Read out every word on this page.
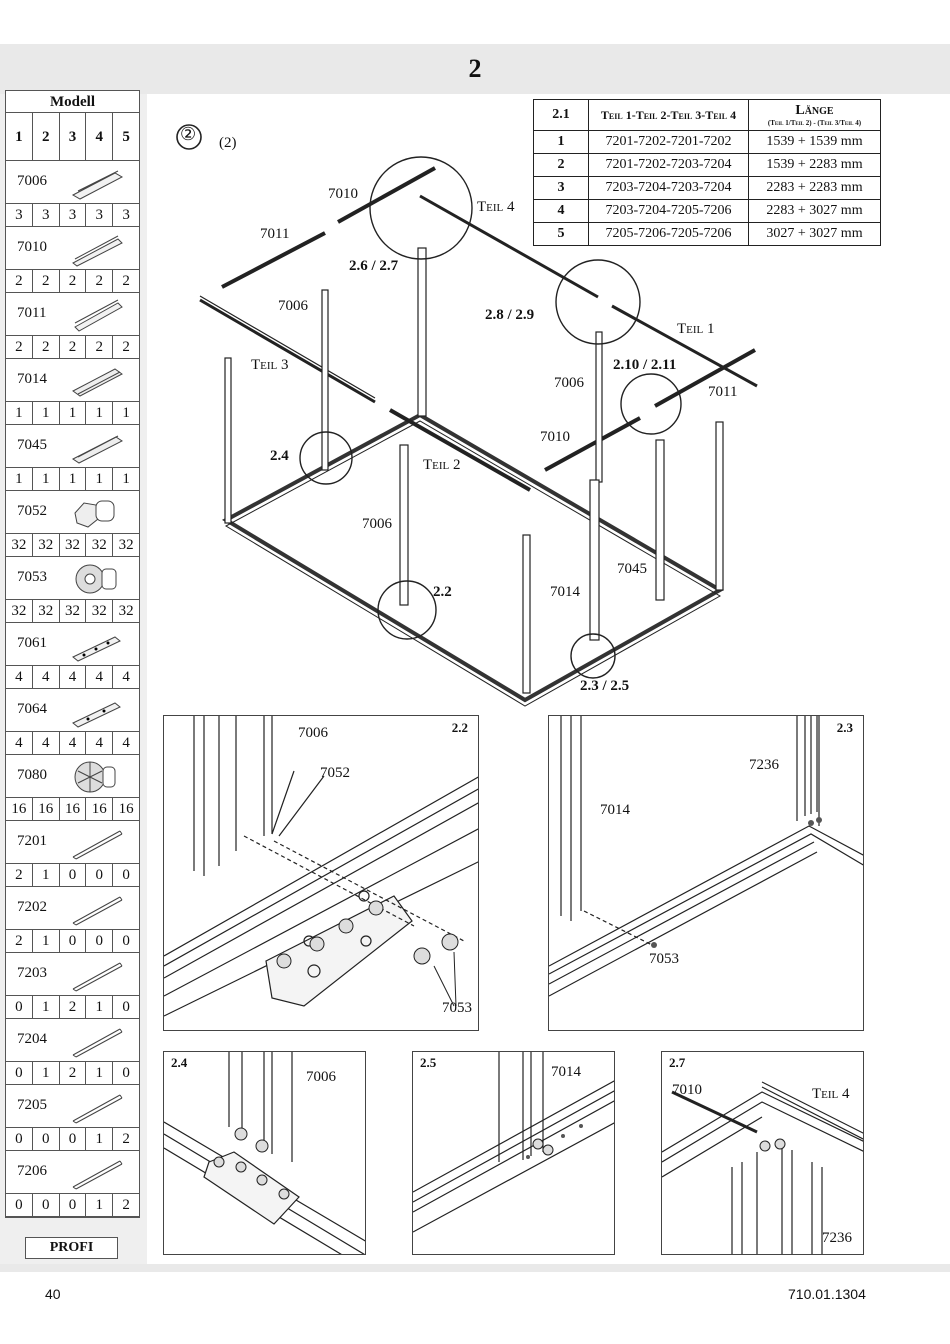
2
Modell
1	2	3	4	5
7006
3	3	3	3	3
7010
2	2	2	2	2
7011
2	2	2	2	2
7014
1	1	1	1	1
7045
1	1	1	1	1
7052
32 32 32 32 32
7053
32 32 32 32 32
7061
4	4	4	4	4
7064
4	4	4	4	4
7080
16 16 16 16 16
7201
2	1	0	0	0
7202
2	1	0	0	0
7203
0	1	2	1	0
7204
0	1	2	1	0
7205
0	0	0	1	2
7206
0	0	0	1	2
PROFI
② (2)
7010
7011
2.6 / 2.7
Teil 4
7006
2.8 / 2.9
Teil 1
Teil 3	2.10 / 2.11
7006
7011
7010
2.4
Teil 2
7006
7045
2.2	7014
2.3 / 2.5
2.1	Teil 1-Teil 2-Teil 3-Teil 4	Länge
(Teil 1/Teil 2) - (Teil 3/Teil 4)

1	7201-7202-7201-7202	1539 + 1539 mm
2	7201-7202-7203-7204	1539 + 2283 mm
3	7203-7204-7203-7204	2283 + 2283 mm
4	7203-7204-7205-7206	2283 + 3027 mm
5	7205-7206-7205-7206	3027 + 3027 mm
2.2
7006
7052
7053
2.3
7236
7014
7053
2.4
7006
2.5
7014
2.7
7010	Teil 4
7236
40	710.01.1304
